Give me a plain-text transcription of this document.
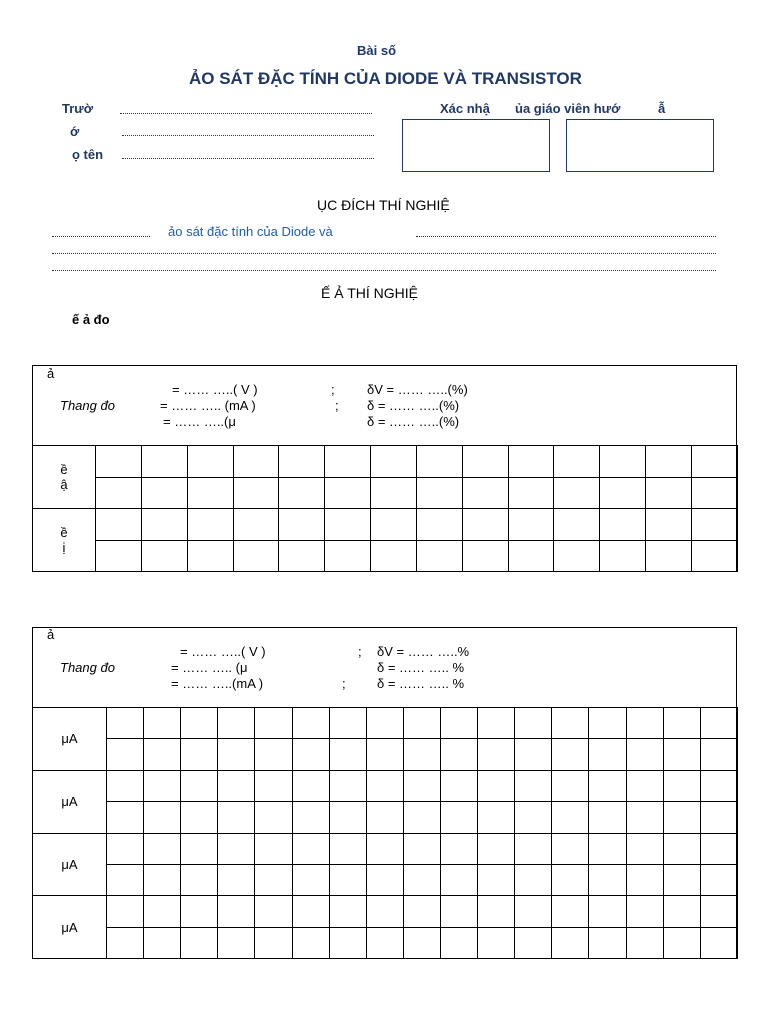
Bài số
ẢO SÁT ĐẶC TÍNH CỦA DIODE VÀ TRANSISTOR
Trườ
ớ
ọ tên
Xác nhậ ủa giáo viên hướ	ẫ
ỤC ĐÍCH THÍ NGHIỆ
ảo sát đặc tính của Diode và
Ế Ả THÍ NGHIỆ
ế ả đo
ả
Thang đo
= …… …..( V )	; δV = …… …..(%)
= …… ….. (mA )	; δ = …… …..(%)
= …… …..(μ	δ = …… …..(%)
ề
ậ														

ề
ị														

ả
Thang đo
= …… …..( V )	; δV = …… …..%
= …… ….. (μ	δ = …… ….. %
= …… …..(mA )	; δ = …… ….. %
μA																	

μA																	

μA																	

μA																	
